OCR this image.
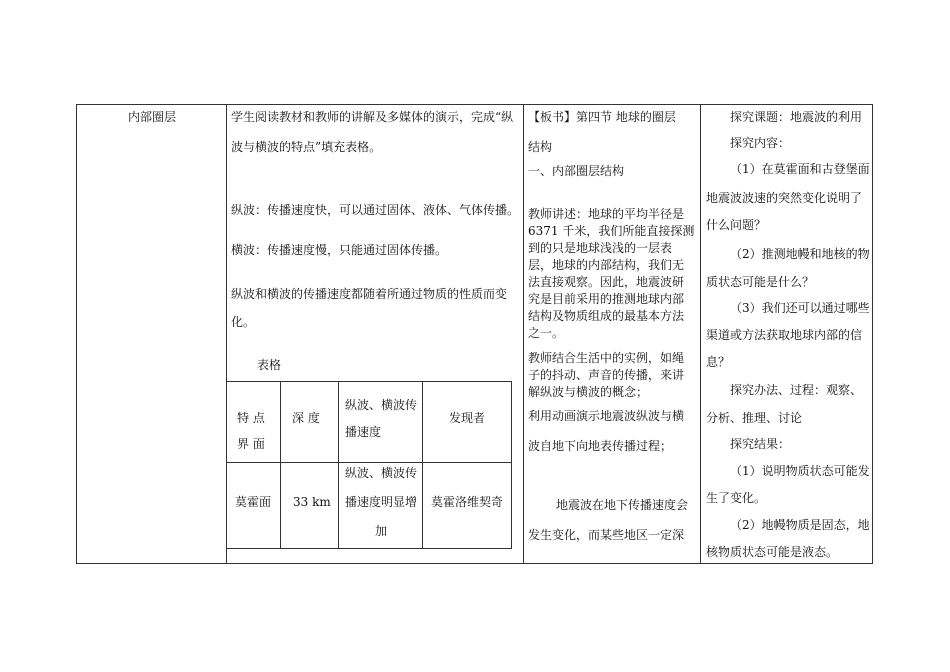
内部圈层	学生阅读教材和教师的讲解及多媒体的演示，完成“纵
波与横波的特点”填充表格。
纵波：传播速度快，可以通过固体、液体、气体传播。
横波：传播速度慢，只能通过固体传播。
纵波和横波的传播速度都随着所通过物质的性质而变
化。
表格
特 点
界 面
深 度
纵波、横波传
播速度
发现者
莫霍面 33 km
纵波、横波传
播速度明显增
加
莫霍洛维契奇
【板书】第四节 地球的圈层
结构
一、内部圈层结构
教师讲述：地球的平均半径是
6371 千米，我们所能直接探测
到的只是地球浅浅的一层表
层，地球的内部结构，我们无
法直接观察。因此，地震波研
究是目前采用的推测地球内部
结构及物质组成的最基本方法
之一。
教师结合生活中的实例，如绳
子的抖动、声音的传播，来讲
解纵波与横波的概念；
利用动画演示地震波纵波与横
波自地下向地表传播过程；
地震波在地下传播速度会
发生变化，而某些地区一定深
探究课题：地震波的利用
探究内容：
（1）在莫霍面和古登堡面
地震波波速的突然变化说明了
什么问题？
（2）推测地幔和地核的物
质状态可能是什么？
（3）我们还可以通过哪些
渠道或方法获取地球内部的信
息？
探究办法、过程：观察、
分析、推理、讨论
探究结果：
（1）说明物质状态可能发
生了变化。
（2）地幔物质是固态，地
核物质状态可能是液态。
